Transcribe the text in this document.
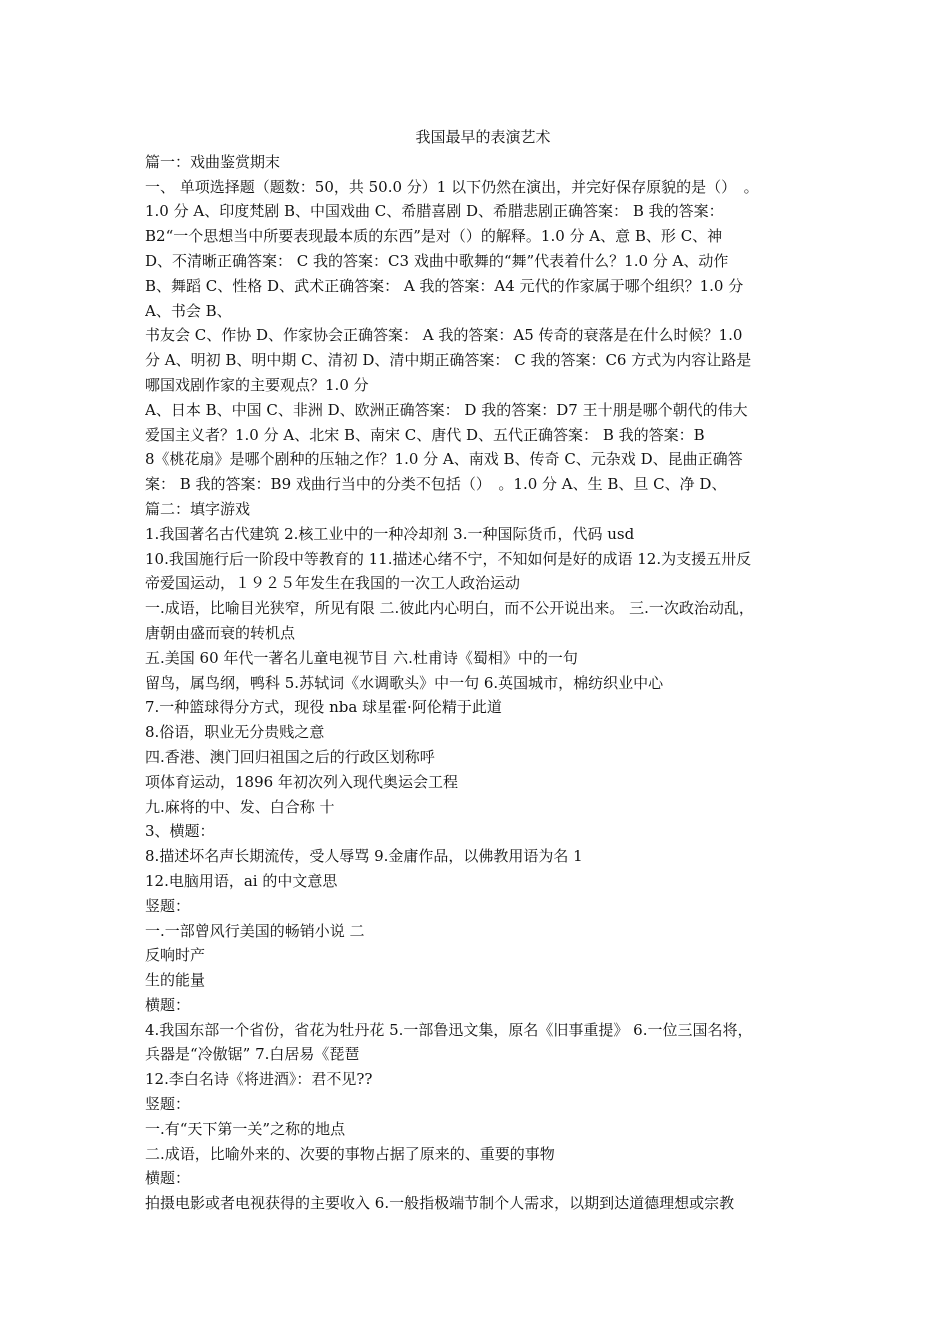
我国最早的表演艺术
篇一：戏曲鉴赏期末
一、 单项选择题（题数：50，共 50.0 分）1 以下仍然在演出，并完好保存原貌的是（）　。
1.0 分 A、印度梵剧 B、中国戏曲 C、希腊喜剧 D、希腊悲剧正确答案： B 我的答案：
B2“一个思想当中所要表现最本质的东西”是对（）的解释。1.0 分 A、意 B、形 C、神
D、不清晰正确答案： C 我的答案：C3 戏曲中歌舞的“舞”代表着什么？1.0 分 A、动作
B、舞蹈 C、性格 D、武术正确答案： A 我的答案：A4 元代的作家属于哪个组织？1.0 分
A、书会 B、
书友会 C、作协 D、作家协会正确答案： A 我的答案：A5 传奇的衰落是在什么时候？1.0
分 A、明初 B、明中期 C、清初 D、清中期正确答案： C 我的答案：C6 方式为内容让路是
哪国戏剧作家的主要观点？1.0 分
A、日本 B、中国 C、非洲 D、欧洲正确答案： D 我的答案：D7 王十朋是哪个朝代的伟大
爱国主义者？1.0 分 A、北宋 B、南宋 C、唐代 D、五代正确答案： B 我的答案：B
8《桃花扇》是哪个剧种的压轴之作？1.0 分 A、南戏 B、传奇 C、元杂戏 D、昆曲正确答
案： B 我的答案：B9 戏曲行当中的分类不包括（）　。1.0 分 A、生 B、旦 C、净 D、
篇二：填字游戏
1.我国著名古代建筑 2.核工业中的一种冷却剂 3.一种国际货币，代码 usd
10.我国施行后一阶段中等教育的 11.描述心绪不宁，不知如何是好的成语 12.为支援五卅反
帝爱国运动，１９２５年发生在我国的一次工人政治运动
一.成语，比喻目光狭窄，所见有限 二.彼此内心明白，而不公开说出来。 三.一次政治动乱，
唐朝由盛而衰的转机点
五.美国 60 年代一著名儿童电视节目 六.杜甫诗《蜀相》中的一句
留鸟，属鸟纲，鸭科 5.苏轼词《水调歌头》中一句 6.英国城市，棉纺织业中心
7.一种篮球得分方式，现役 nba 球星霍·阿伦精于此道
8.俗语，职业无分贵贱之意
四.香港、澳门回归祖国之后的行政区划称呼
项体育运动，1896 年初次列入现代奥运会工程
九.麻将的中、发、白合称 十
3、横题：
8.描述坏名声长期流传，受人辱骂 9.金庸作品，以佛教用语为名 1
12.电脑用语，ai 的中文意思
竖题：
一.一部曾风行美国的畅销小说 二
反响时产
生的能量
横题：
4.我国东部一个省份，省花为牡丹花 5.一部鲁迅文集，原名《旧事重提》 6.一位三国名将，
兵器是“冷傲锯” 7.白居易《琵琶
12.李白名诗《将进酒》：君不见??
竖题：
一.有“天下第一关”之称的地点
二.成语，比喻外来的、次要的事物占据了原来的、重要的事物
横题：
拍摄电影或者电视获得的主要收入 6.一般指极端节制个人需求，以期到达道德理想或宗教
